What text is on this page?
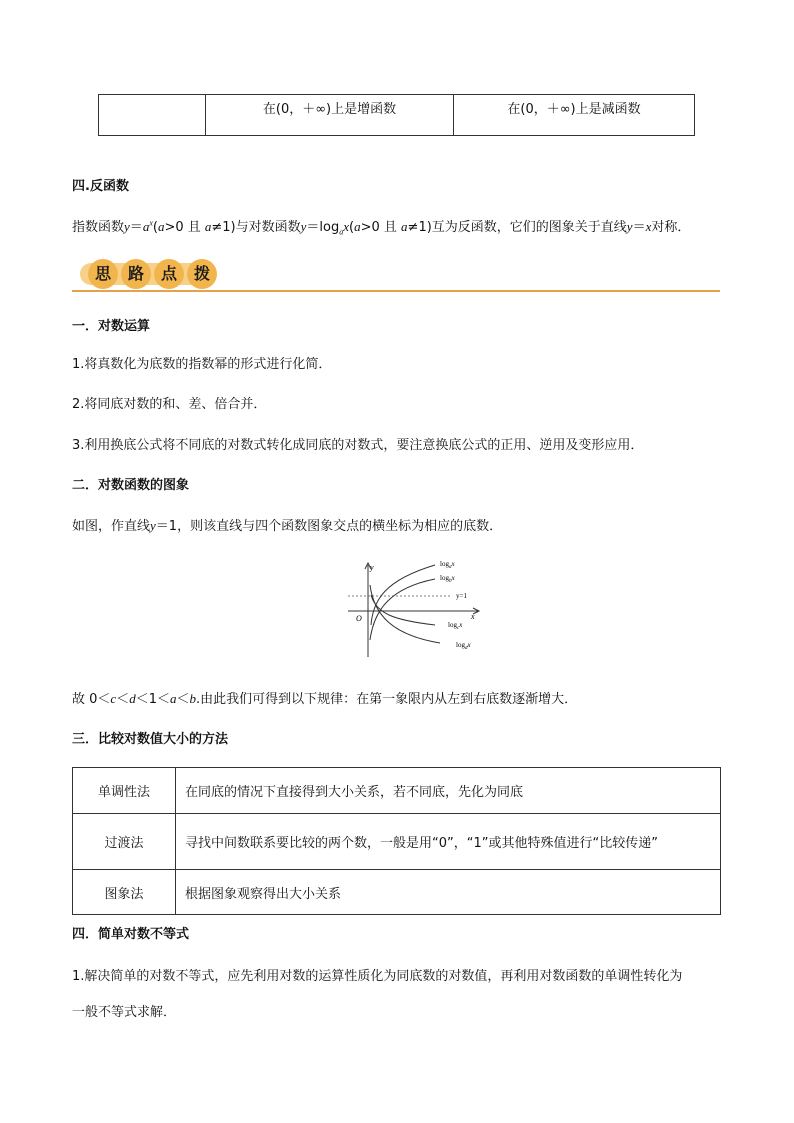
	在(0，＋∞)上是增函数	在(0，＋∞)上是减函数
四.反函数
指数函数$y=a^x(a>0$ 且 a≠1)与对数函数$y=\log_ax(a>0$ 且 a≠1)互为反函数，它们的图象关于直线y＝x对称．
思	路	点	拨
一．对数运算
1.将真数化为底数的指数幂的形式进行化简．
2.将同底对数的和、差、倍合并．
3.利用换底公式将不同底的对数式转化成同底的对数式，要注意换底公式的正用、逆用及变形应用．
二．对数函数的图象
如图，作直线y＝1，则该直线与四个函数图象交点的横坐标为相应的底数．
y
x
O
y=1
$\log_ax$
$\log_bx$
$\log_cx$
$\log_dx$
故 0＜c＜d＜1＜a＜b.由此我们可得到以下规律：在第一象限内从左到右底数逐渐增大．
三．比较对数值大小的方法
单调性法	在同底的情况下直接得到大小关系，若不同底，先化为同底
过渡法	寻找中间数联系要比较的两个数，一般是用“0”，“1”或其他特殊值进行“比较传递”
图象法	根据图象观察得出大小关系
四．简单对数不等式
1.解决简单的对数不等式，应先利用对数的运算性质化为同底数的对数值，再利用对数函数的单调性转化为
一般不等式求解．
